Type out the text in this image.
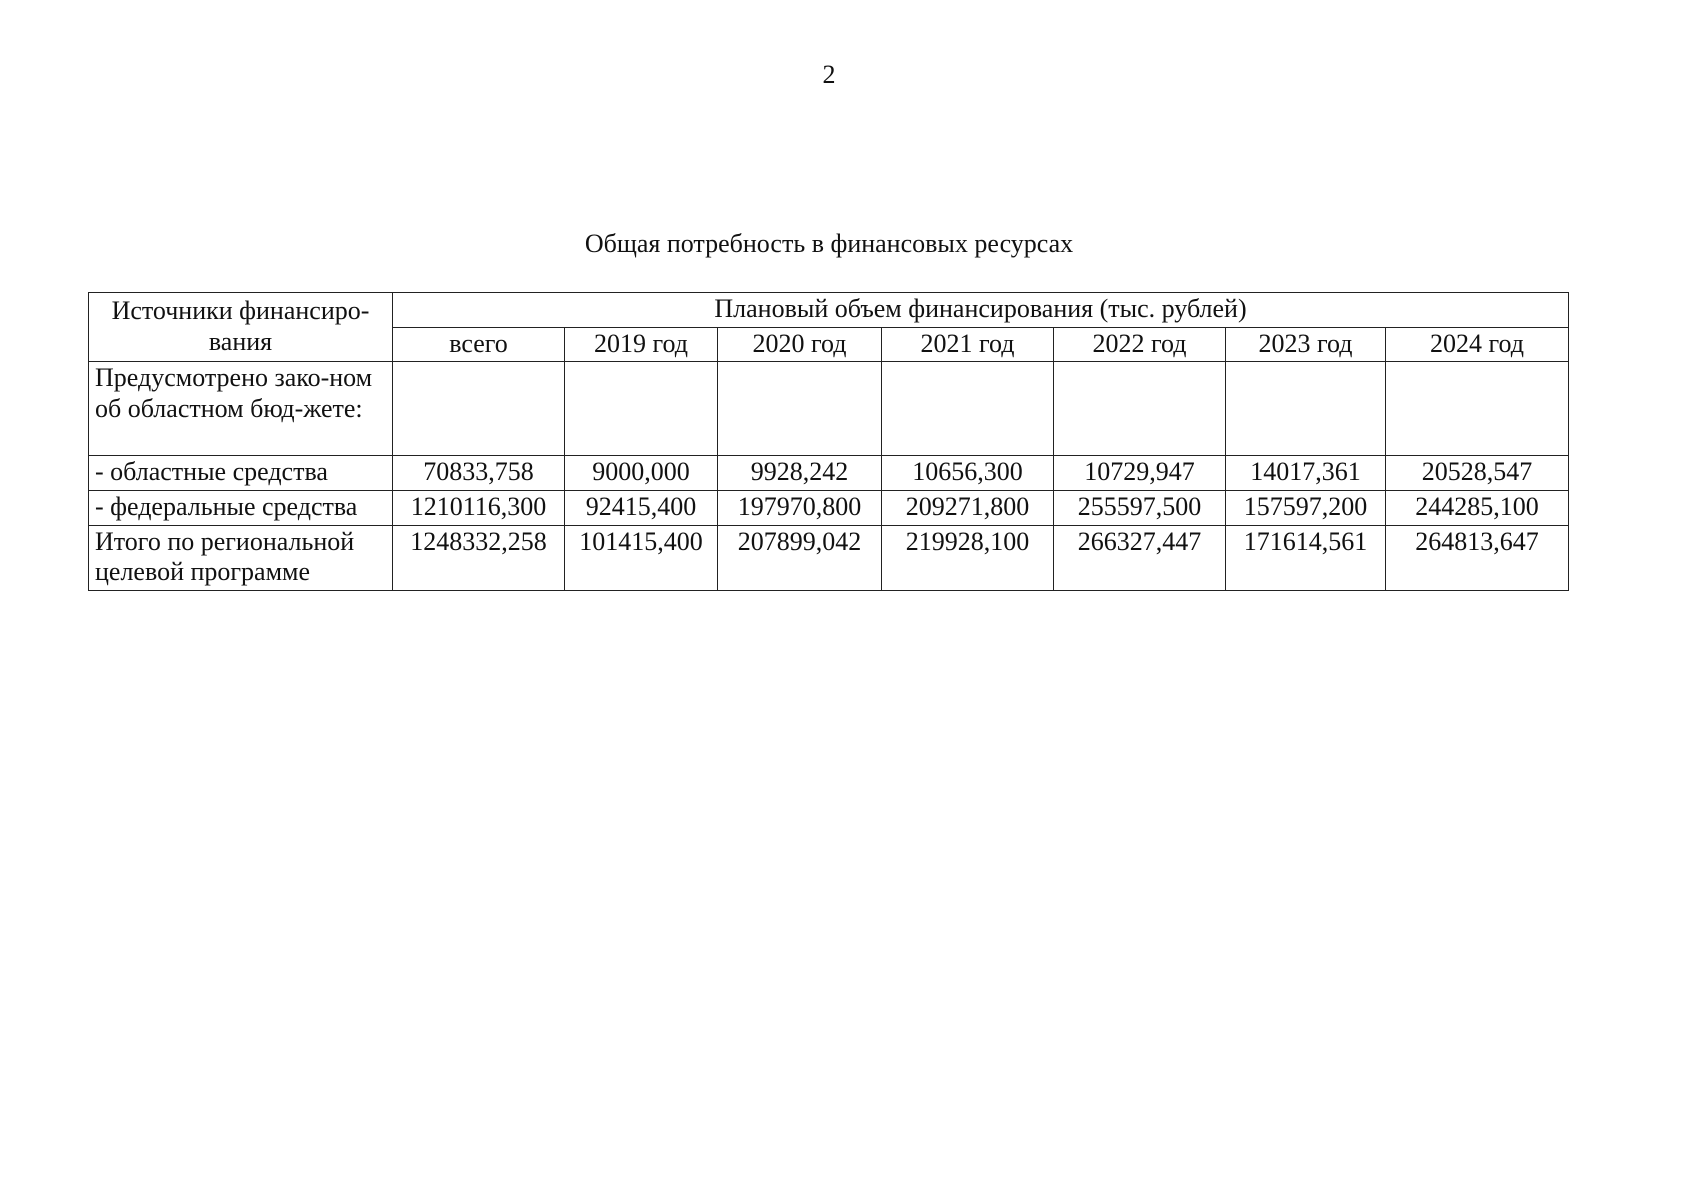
2
Общая потребность в финансовых ресурсах
Источники финансиро-вания	Плановый объем финансирования (тыс. рублей)						
	всего	2019 год	2020 год	2021 год	2022 год	2023 год	2024 год
Предусмотрено зако-ном об областном бюд-жете:							
- областные средства	70833,758	9000,000	9928,242	10656,300	10729,947	14017,361	20528,547
- федеральные средства	1210116,300	92415,400	197970,800	209271,800	255597,500	157597,200	244285,100
Итого по региональной целевой программе	1248332,258	101415,400	207899,042	219928,100	266327,447	171614,561	264813,647
